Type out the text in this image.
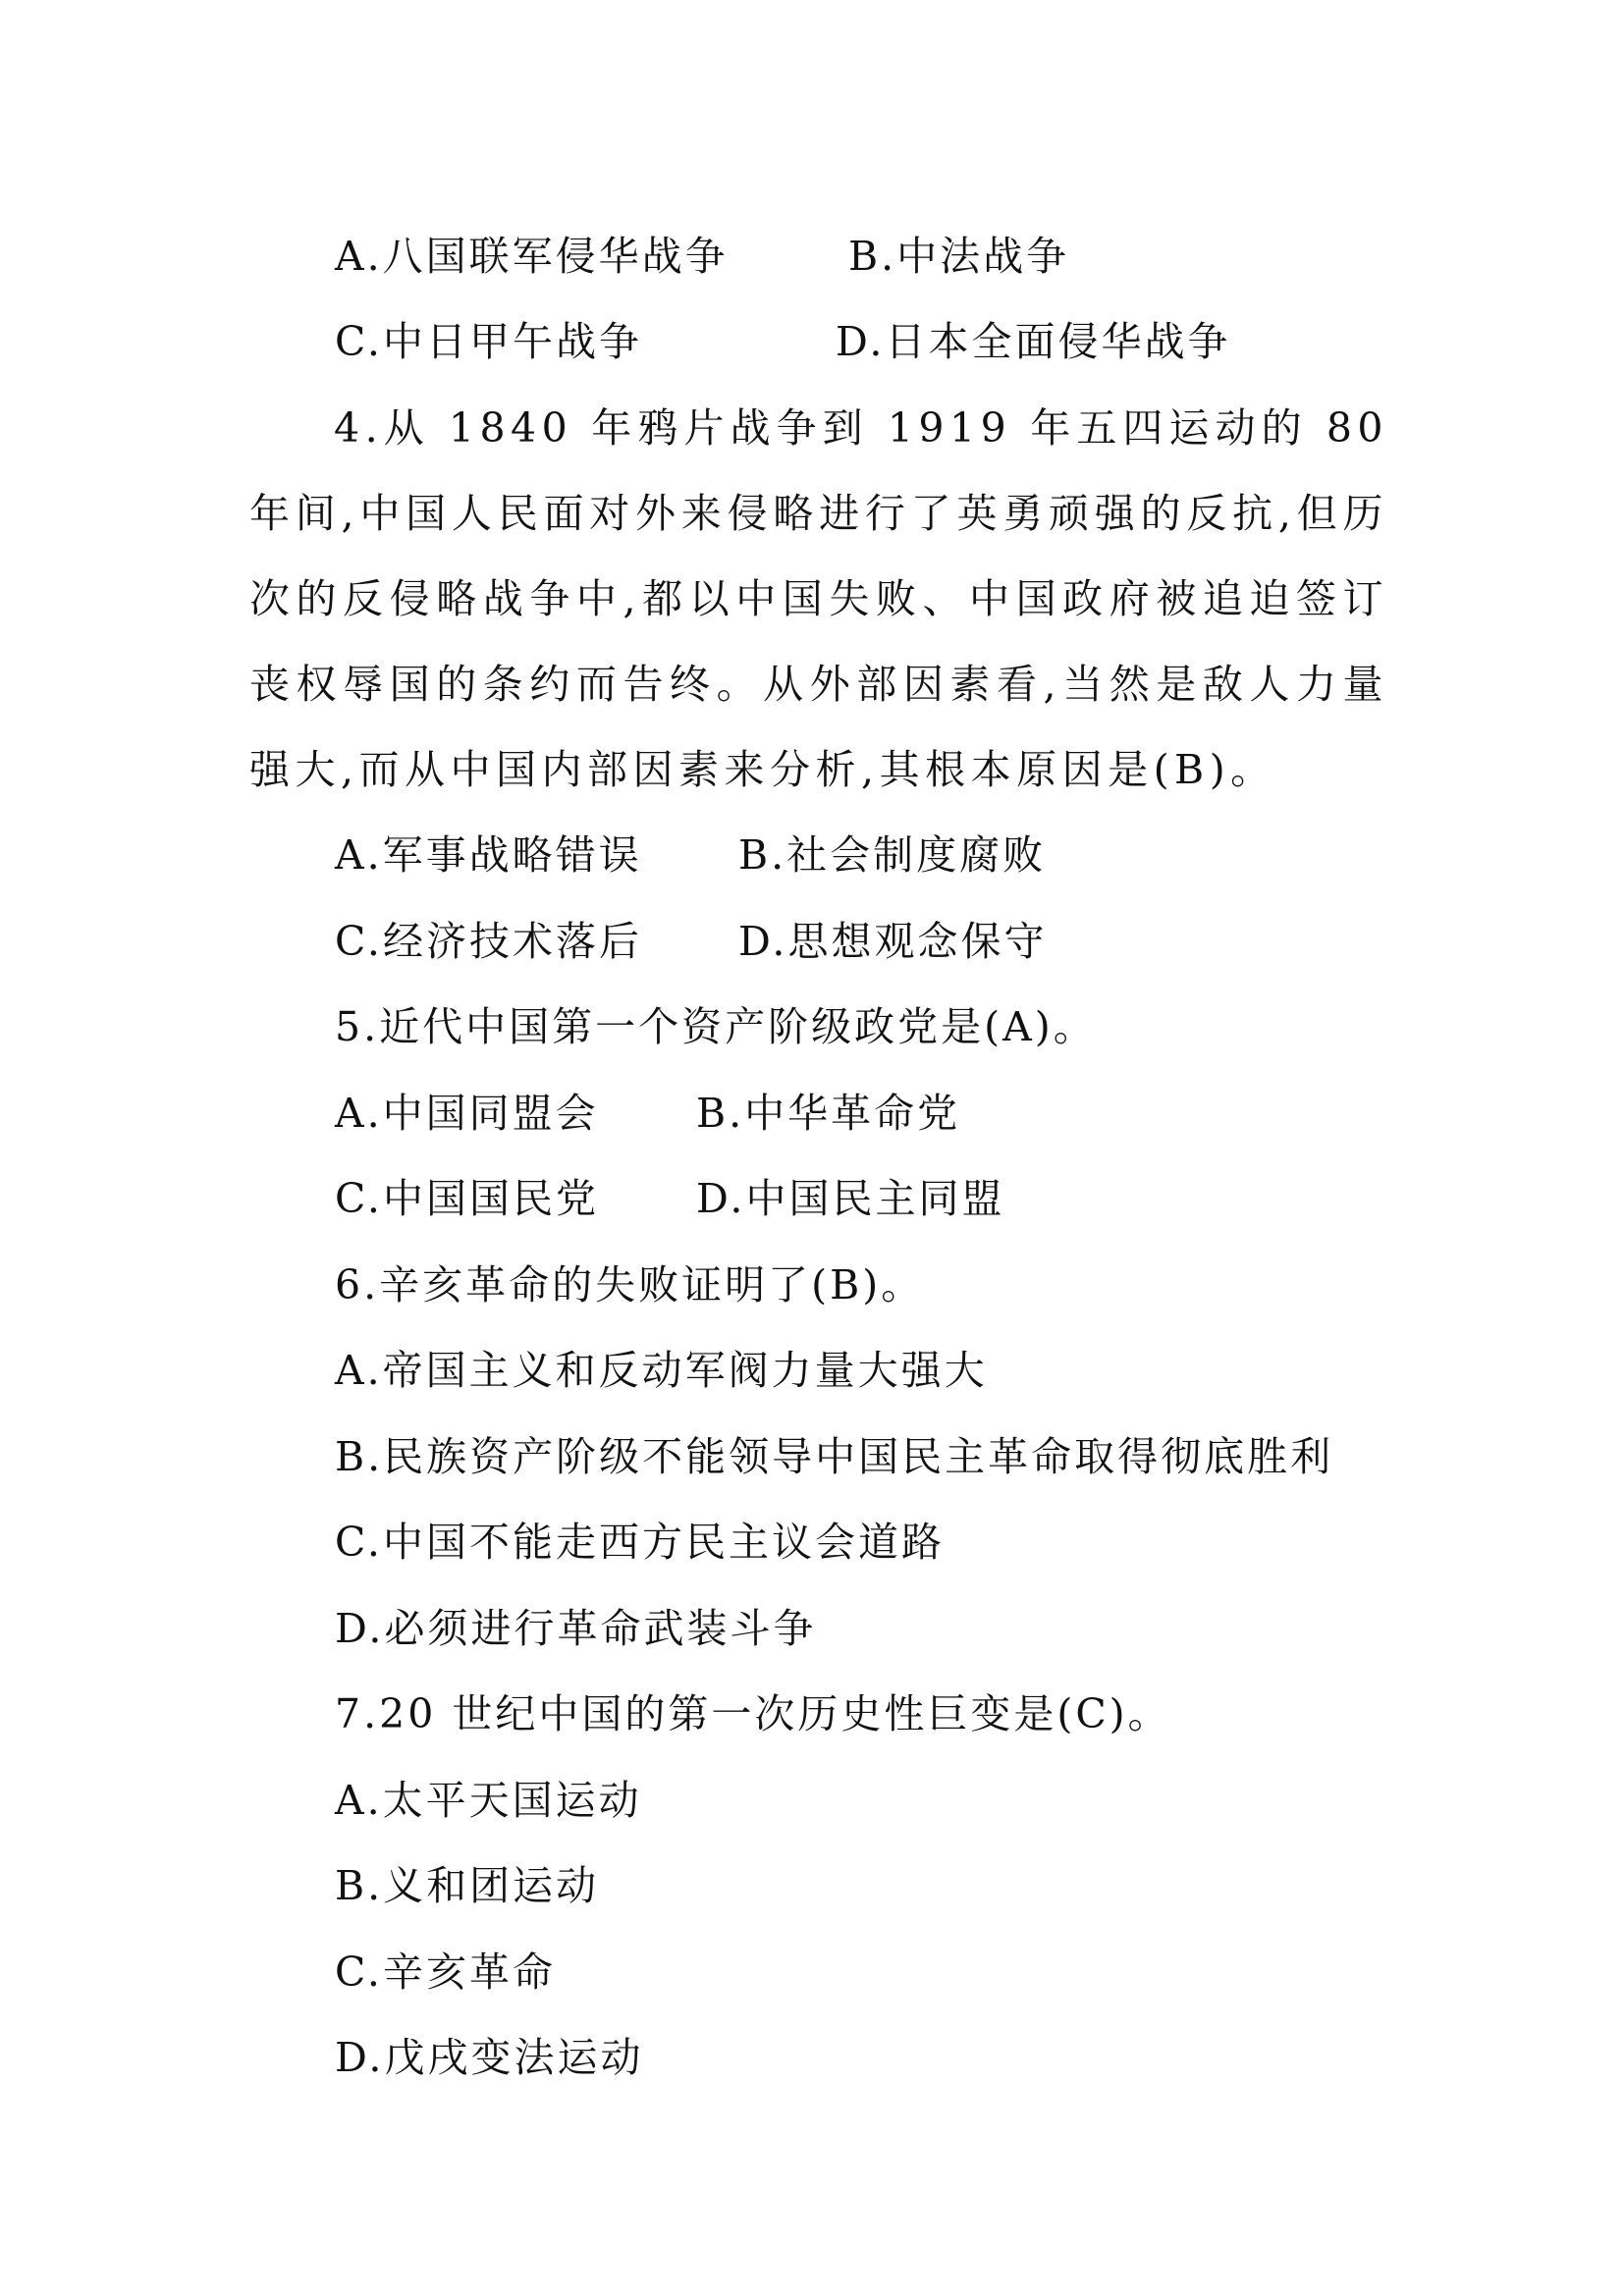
A.八国联军侵华战争	B.中法战争
C.中日甲午战争	D.日本全面侵华战争
4.从 1840 年鸦片战争到 1919 年五四运动的 80 年间,中国人民面对外来侵略进行了英勇顽强的反抗,但历次的反侵略战争中,都以中国失败、中国政府被追迫签订丧权辱国的条约而告终。从外部因素看,当然是敌人力量强大,而从中国内部因素来分析,其根本原因是(B)。
A.军事战略错误 B.社会制度腐败
C.经济技术落后 D.思想观念保守
5.近代中国第一个资产阶级政党是(A)。
A.中国同盟会 B.中华革命党
C.中国国民党 D.中国民主同盟
6.辛亥革命的失败证明了(B)。
A.帝国主义和反动军阀力量大强大
B.民族资产阶级不能领导中国民主革命取得彻底胜利
C.中国不能走西方民主议会道路
D.必须进行革命武装斗争
7.20 世纪中国的第一次历史性巨变是(C)。
A.太平天国运动
B.义和团运动
C.辛亥革命
D.戊戌变法运动
